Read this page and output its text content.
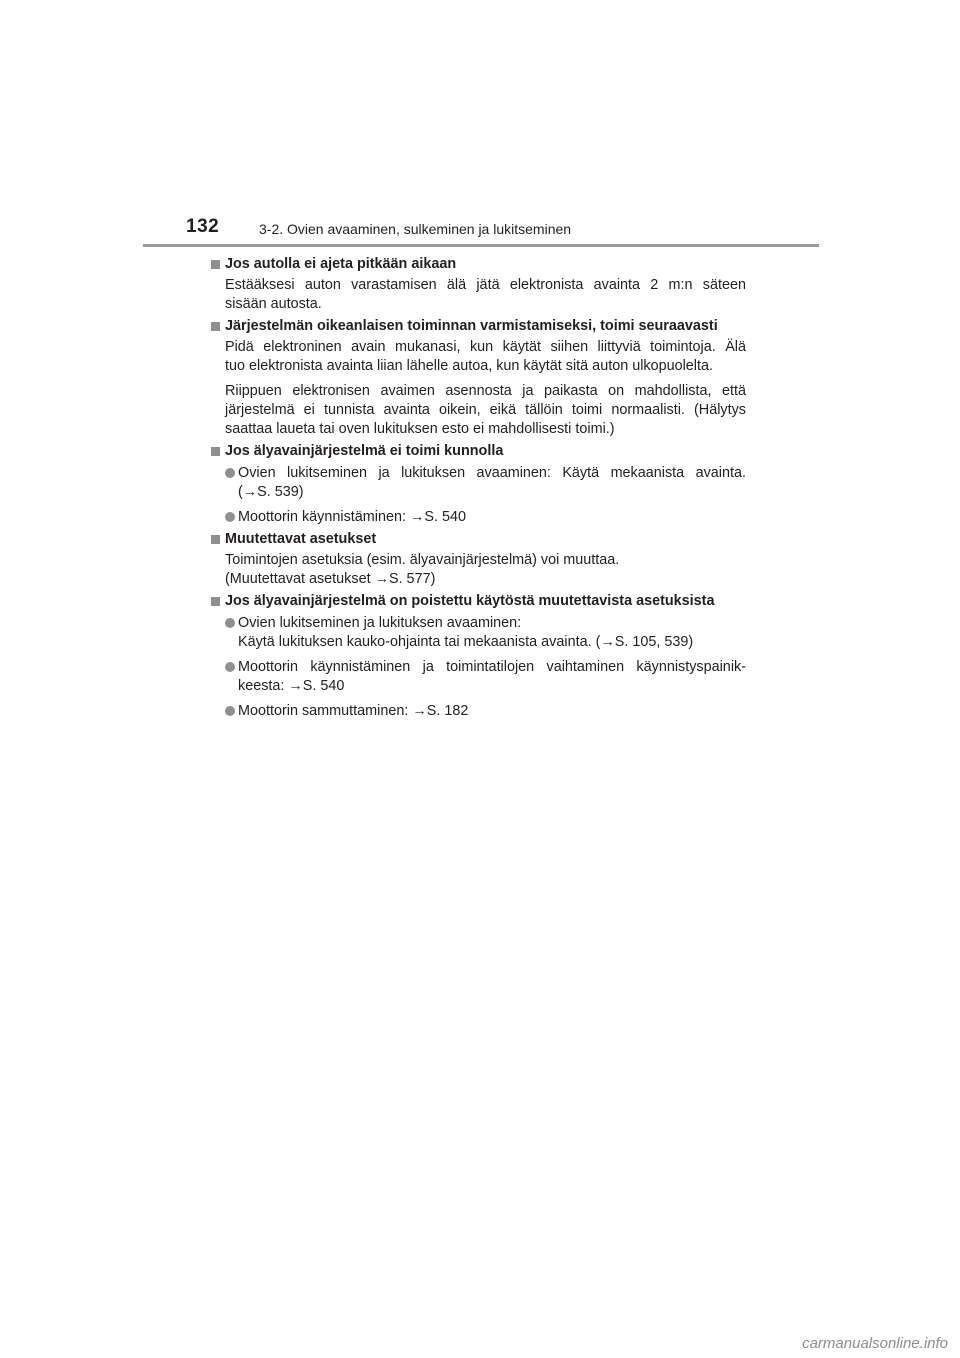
132	3-2. Ovien avaaminen, sulkeminen ja lukitseminen
Jos autolla ei ajeta pitkään aikaan
Estääksesi auton varastamisen älä jätä elektronista avainta 2 m:n säteen
sisään autosta.
Järjestelmän oikeanlaisen toiminnan varmistamiseksi, toimi seuraavasti
Pidä elektroninen avain mukanasi, kun käytät siihen liittyviä toimintoja. Älä
tuo elektronista avainta liian lähelle autoa, kun käytät sitä auton ulkopuolelta.
Riippuen elektronisen avaimen asennosta ja paikasta on mahdollista, että
järjestelmä ei tunnista avainta oikein, eikä tällöin toimi normaalisti. (Hälytys
saattaa laueta tai oven lukituksen esto ei mahdollisesti toimi.)
Jos älyavainjärjestelmä ei toimi kunnolla
Ovien lukitseminen ja lukituksen avaaminen: Käytä mekaanista avainta.
(→S. 539)
Moottorin käynnistäminen: →S. 540
Muutettavat asetukset
Toimintojen asetuksia (esim. älyavainjärjestelmä) voi muuttaa.
(Muutettavat asetukset →S. 577)
Jos älyavainjärjestelmä on poistettu käytöstä muutettavista asetuksista
Ovien lukitseminen ja lukituksen avaaminen:
Käytä lukituksen kauko-ohjainta tai mekaanista avainta. (→S. 105, 539)
Moottorin käynnistäminen ja toimintatilojen vaihtaminen käynnistyspainik-
keesta: →S. 540
Moottorin sammuttaminen: →S. 182
carmanualsonline.info
